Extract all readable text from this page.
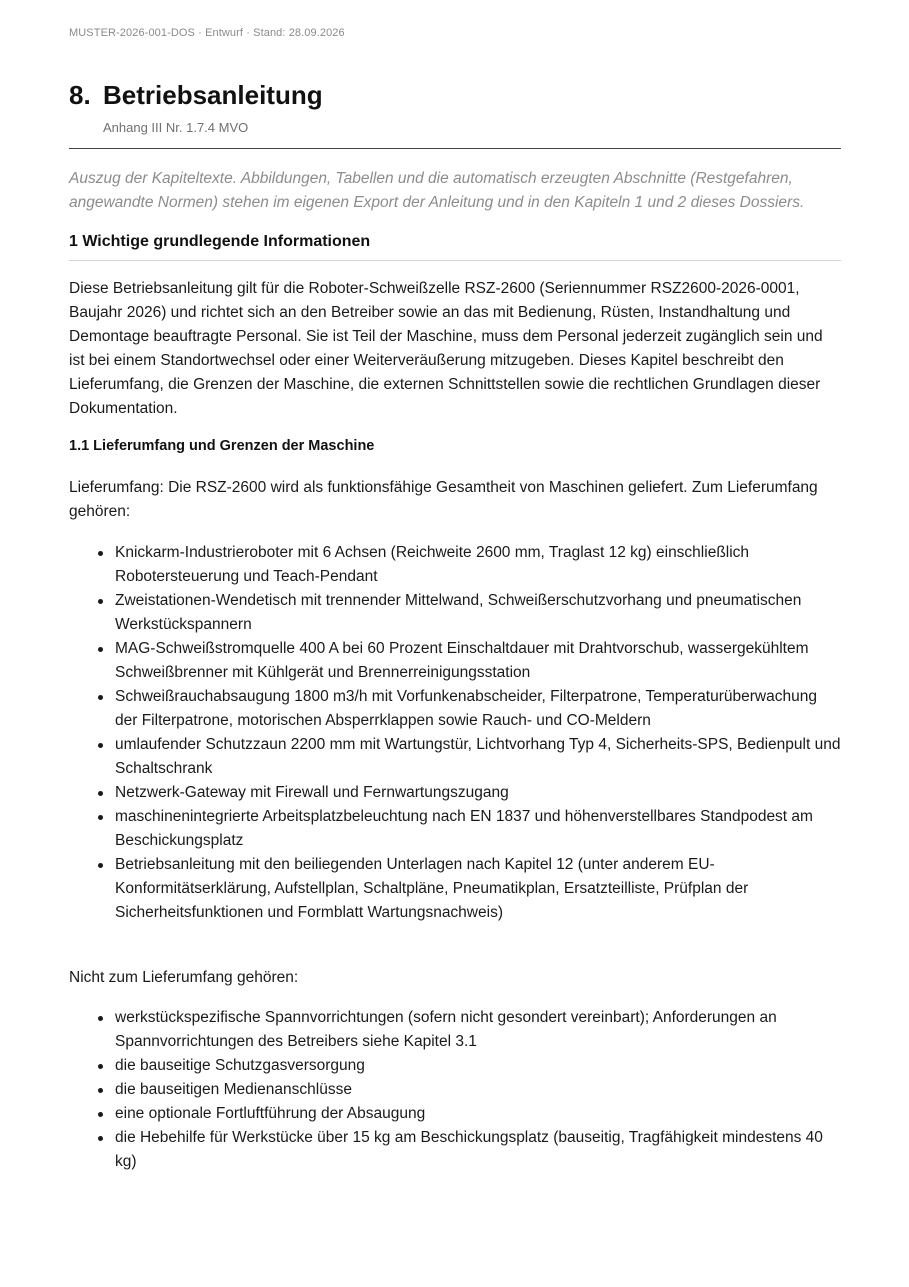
MUSTER-2026-001-DOS · Entwurf · Stand: 28.09.2026
8. Betriebsanleitung
Anhang III Nr. 1.7.4 MVO
Auszug der Kapiteltexte. Abbildungen, Tabellen und die automatisch erzeugten Abschnitte (Restgefahren, angewandte Normen) stehen im eigenen Export der Anleitung und in den Kapiteln 1 und 2 dieses Dossiers.
1 Wichtige grundlegende Informationen
Diese Betriebsanleitung gilt für die Roboter-Schweißzelle RSZ-2600 (Seriennummer RSZ2600-2026-0001, Baujahr 2026) und richtet sich an den Betreiber sowie an das mit Bedienung, Rüsten, Instandhaltung und Demontage beauftragte Personal. Sie ist Teil der Maschine, muss dem Personal jederzeit zugänglich sein und ist bei einem Standortwechsel oder einer Weiterveräußerung mitzugeben. Dieses Kapitel beschreibt den Lieferumfang, die Grenzen der Maschine, die externen Schnittstellen sowie die rechtlichen Grundlagen dieser Dokumentation.
1.1 Lieferumfang und Grenzen der Maschine
Lieferumfang: Die RSZ-2600 wird als funktionsfähige Gesamtheit von Maschinen geliefert. Zum Lieferumfang gehören:
Knickarm-Industrieroboter mit 6 Achsen (Reichweite 2600 mm, Traglast 12 kg) einschließlich Robotersteuerung und Teach-Pendant
Zweistationen-Wendetisch mit trennender Mittelwand, Schweißerschutzvorhang und pneumatischen Werkstückspannern
MAG-Schweißstromquelle 400 A bei 60 Prozent Einschaltdauer mit Drahtvorschub, wassergekühltem Schweißbrenner mit Kühlgerät und Brennerreinigungsstation
Schweißrauchabsaugung 1800 m3/h mit Vorfunkenabscheider, Filterpatrone, Temperaturüberwachung der Filterpatrone, motorischen Absperrklappen sowie Rauch- und CO-Meldern
umlaufender Schutzzaun 2200 mm mit Wartungstür, Lichtvorhang Typ 4, Sicherheits-SPS, Bedienpult und Schaltschrank
Netzwerk-Gateway mit Firewall und Fernwartungszugang
maschinenintegrierte Arbeitsplatzbeleuchtung nach EN 1837 und höhenverstellbares Standpodest am Beschickungsplatz
Betriebsanleitung mit den beiliegenden Unterlagen nach Kapitel 12 (unter anderem EU-Konformitätserklärung, Aufstellplan, Schaltpläne, Pneumatikplan, Ersatzteilliste, Prüfplan der Sicherheitsfunktionen und Formblatt Wartungsnachweis)
Nicht zum Lieferumfang gehören:
werkstückspezifische Spannvorrichtungen (sofern nicht gesondert vereinbart); Anforderungen an Spannvorrichtungen des Betreibers siehe Kapitel 3.1
die bauseitige Schutzgasversorgung
die bauseitigen Medienanschlüsse
eine optionale Fortluftführung der Absaugung
die Hebehilfe für Werkstücke über 15 kg am Beschickungsplatz (bauseitig, Tragfähigkeit mindestens 40 kg)
